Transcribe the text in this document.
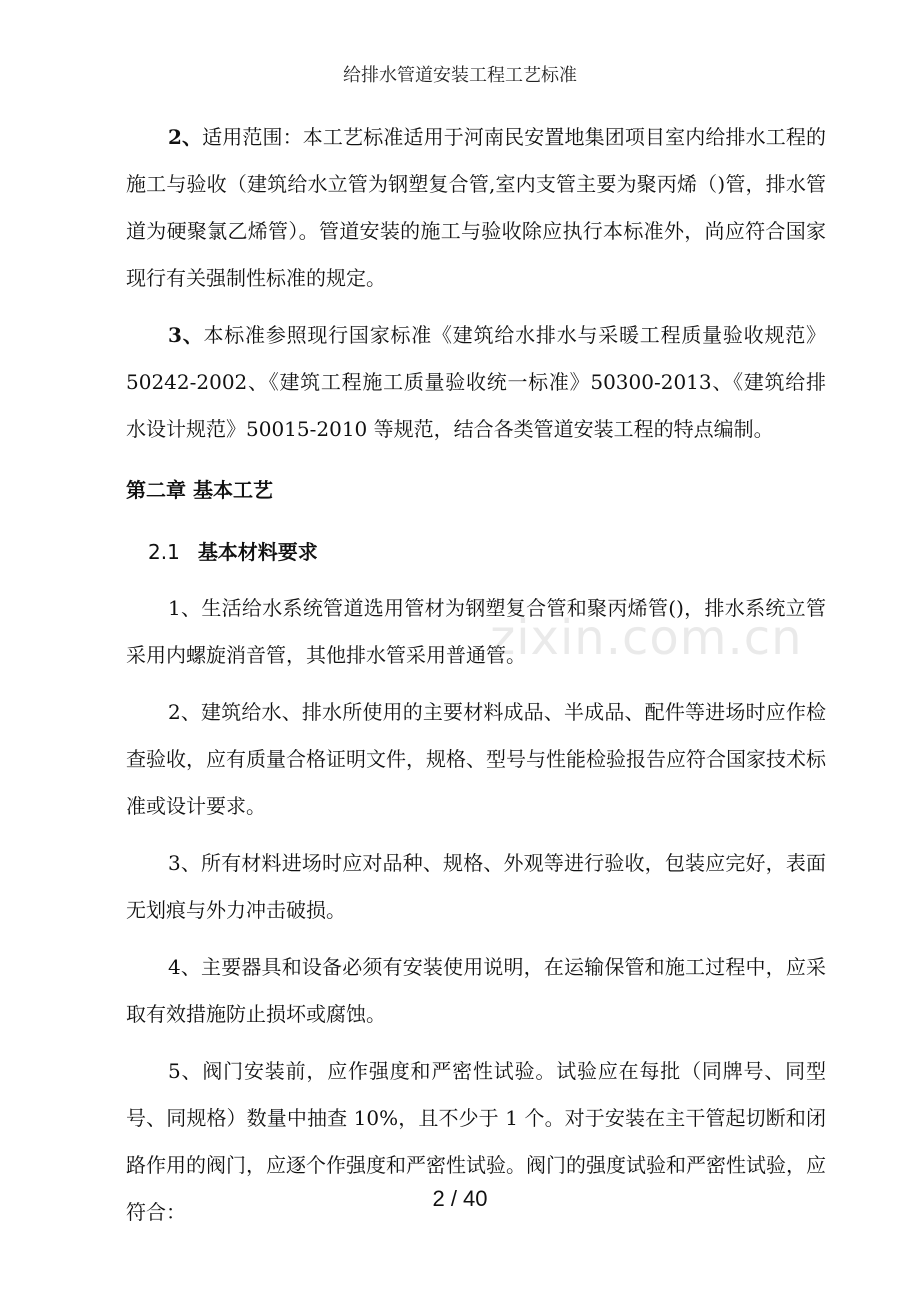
给排水管道安装工程工艺标准

2、适用范围：本工艺标准适用于河南民安置地集团项目室内给排水工程的施工与验收（建筑给水立管为钢塑复合管,室内支管主要为聚丙烯（)管，排水管道为硬聚氯乙烯管）。管道安装的施工与验收除应执行本标准外，尚应符合国家现行有关强制性标准的规定。

3、本标准参照现行国家标准《建筑给水排水与采暖工程质量验收规范》50242-2002、《建筑工程施工质量验收统一标准》50300-2013、《建筑给排水设计规范》50015-2010 等规范，结合各类管道安装工程的特点编制。

第二章 基本工艺
2.1 基本材料要求

1、生活给水系统管道选用管材为钢塑复合管和聚丙烯管()，排水系统立管采用内螺旋消音管，其他排水管采用普通管。

2、建筑给水、排水所使用的主要材料成品、半成品、配件等进场时应作检查验收，应有质量合格证明文件，规格、型号与性能检验报告应符合国家技术标准或设计要求。

3、所有材料进场时应对品种、规格、外观等进行验收，包装应完好，表面无划痕与外力冲击破损。

4、主要器具和设备必须有安装使用说明，在运输保管和施工过程中，应采取有效措施防止损坏或腐蚀。

5、阀门安装前，应作强度和严密性试验。试验应在每批（同牌号、同型号、同规格）数量中抽查 10%，且不少于 1 个。对于安装在主干管起切断和闭路作用的阀门，应逐个作强度和严密性试验。阀门的强度试验和严密性试验，应符合：

zixin.com.cn
2 / 40
